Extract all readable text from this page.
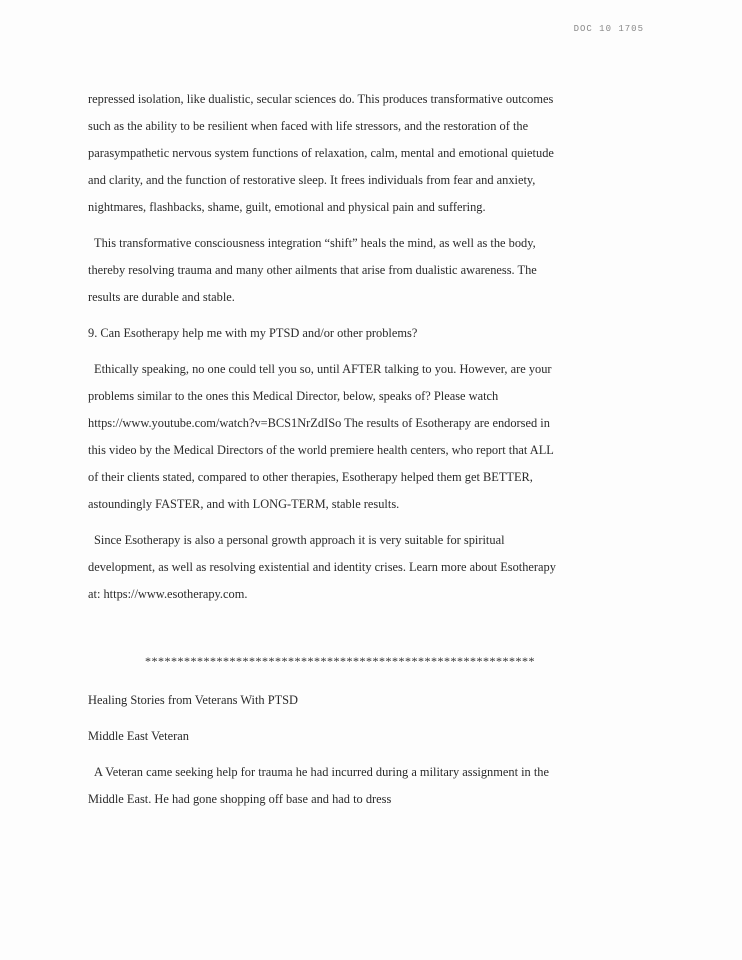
DOC 10 1705

repressed isolation, like dualistic, secular sciences do. This produces transformative outcomes such as the ability to be resilient when faced with life stressors, and the restoration of the parasympathetic nervous system functions of relaxation, calm, mental and emotional quietude and clarity, and the function of restorative sleep. It frees individuals from fear and anxiety, nightmares, flashbacks, shame, guilt, emotional and physical pain and suffering.

This transformative consciousness integration “shift” heals the mind, as well as the body, thereby resolving trauma and many other ailments that arise from dualistic awareness. The results are durable and stable.

9. Can Esotherapy help me with my PTSD and/or other problems?

Ethically speaking, no one could tell you so, until AFTER talking to you. However, are your problems similar to the ones this Medical Director, below, speaks of? Please watch https://www.youtube.com/watch?v=BCS1NrZdISo The results of Esotherapy are endorsed in this video by the Medical Directors of the world premiere health centers, who report that ALL of their clients stated, compared to other therapies, Esotherapy helped them get BETTER, astoundingly FASTER, and with LONG-TERM, stable results.

Since Esotherapy is also a personal growth approach it is very suitable for spiritual development, as well as resolving existential and identity crises. Learn more about Esotherapy at: https://www.esotherapy.com.

************************************************************

Healing Stories from Veterans With PTSD

Middle East Veteran

A Veteran came seeking help for trauma he had incurred during a military assignment in the Middle East. He had gone shopping off base and had to dress
